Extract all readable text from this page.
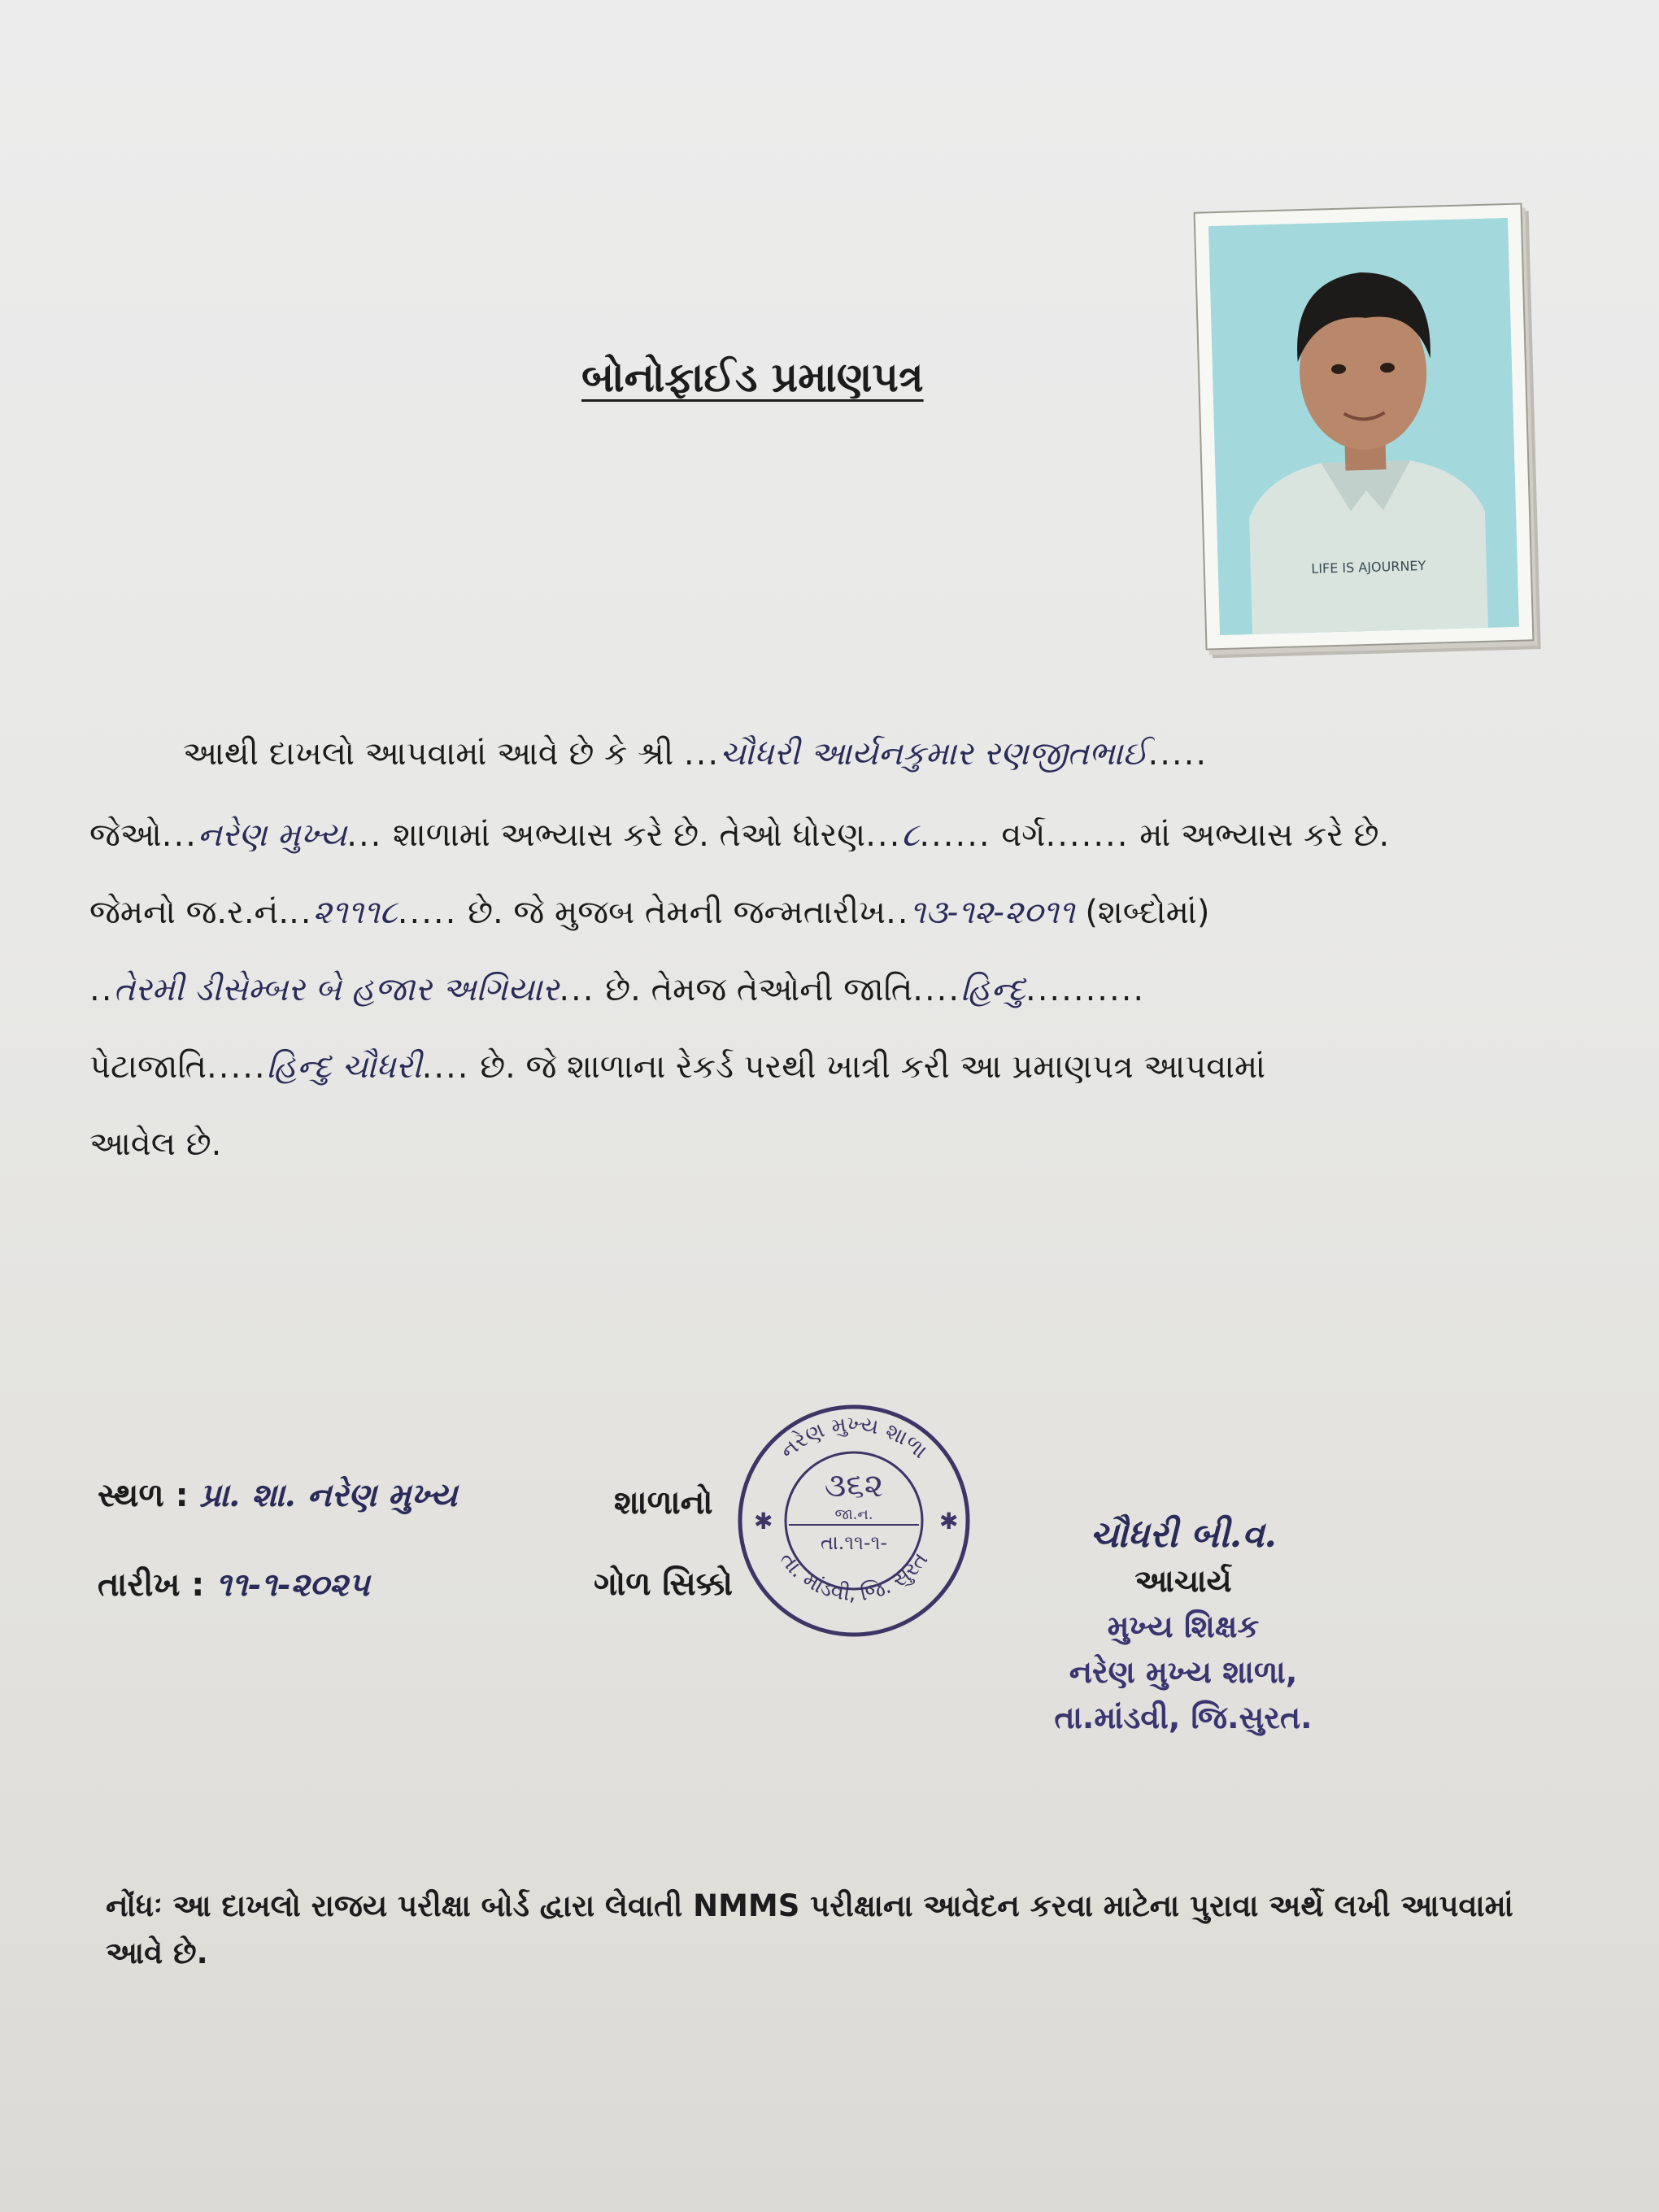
બોનોફાઈડ પ્રમાણપત્ર
LIFE IS AJOURNEY
આથી દાખલો આપવામાં આવે છે કે શ્રી ...ચૌધરી આર્યનકુમાર રણજીતભાઈ.....
જેઓ...નરેણ મુખ્ય... શાળામાં અભ્યાસ કરે છે. તેઓ ધોરણ...૮...... વર્ગ....... માં અભ્યાસ કરે છે.
જેમનો જ.ર.નં...૨૧૧૧૮..... છે. જે મુજબ તેમની જન્મતારીખ..૧૩-૧૨-૨૦૧૧ (શબ્દોમાં)
..તેરમી ડીસેમ્બર બે હજાર અગિયાર... છે. તેમજ તેઓની જાતિ....હિન્દુ..........
પેટાજાતિ.....હિન્દુ ચૌધરી.... છે. જે શાળાના રેકર્ડ પરથી ખાત્રી કરી આ પ્રમાણપત્ર આપવામાં
આવેલ છે.
સ્થળ : પ્રા. શા. નરેણ મુખ્ય
તારીખ : ૧૧-૧-૨૦૨૫
શાળાનો
ગોળ સિક્કો
નરેણ મુખ્ય શાળા
તા. માંડવી, જિ. સુરત
૩૬૨
જા.ન.
તા.૧૧-૧-
✱	✱	ચૌધરી બી.વ.
આચાર્ય
મુખ્ય શિક્ષક
નરેણ મુખ્ય શાળા,
તા.માંડવી, જિ.સુરત.
નોંધઃ આ દાખલો રાજય પરીક્ષા બોર્ડ દ્વારા લેવાતી NMMS પરીક્ષાના આવેદન કરવા માટેના પુરાવા અર્થે લખી આપવામાં આવે છે.
